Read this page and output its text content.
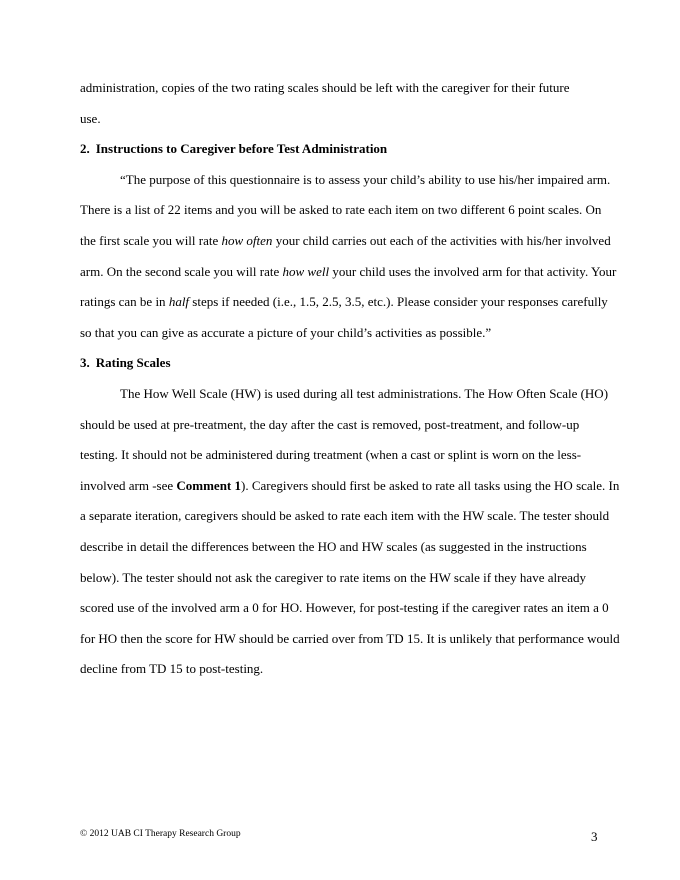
administration, copies of the two rating scales should be left with the caregiver for their future
use.

2. Instructions to Caregiver before Test Administration

“The purpose of this questionnaire is to assess your child’s ability to use his/her impaired arm. There is a list of 22 items and you will be asked to rate each item on two different 6 point scales. On the first scale you will rate how often your child carries out each of the activities with his/her involved arm. On the second scale you will rate how well your child uses the involved arm for that activity. Your ratings can be in half steps if needed (i.e., 1.5, 2.5, 3.5, etc.). Please consider your responses carefully so that you can give as accurate a picture of your child’s activities as possible.”

3. Rating Scales

The How Well Scale (HW) is used during all test administrations. The How Often Scale (HO) should be used at pre-treatment, the day after the cast is removed, post-treatment, and follow-up testing. It should not be administered during treatment (when a cast or splint is worn on the less-involved arm -see Comment 1). Caregivers should first be asked to rate all tasks using the HO scale. In a separate iteration, caregivers should be asked to rate each item with the HW scale. The tester should describe in detail the differences between the HO and HW scales (as suggested in the instructions below). The tester should not ask the caregiver to rate items on the HW scale if they have already scored use of the involved arm a 0 for HO. However, for post-testing if the caregiver rates an item a 0 for HO then the score for HW should be carried over from TD 15. It is unlikely that performance would decline from TD 15 to post-testing.

© 2012 UAB CI Therapy Research Group	3
